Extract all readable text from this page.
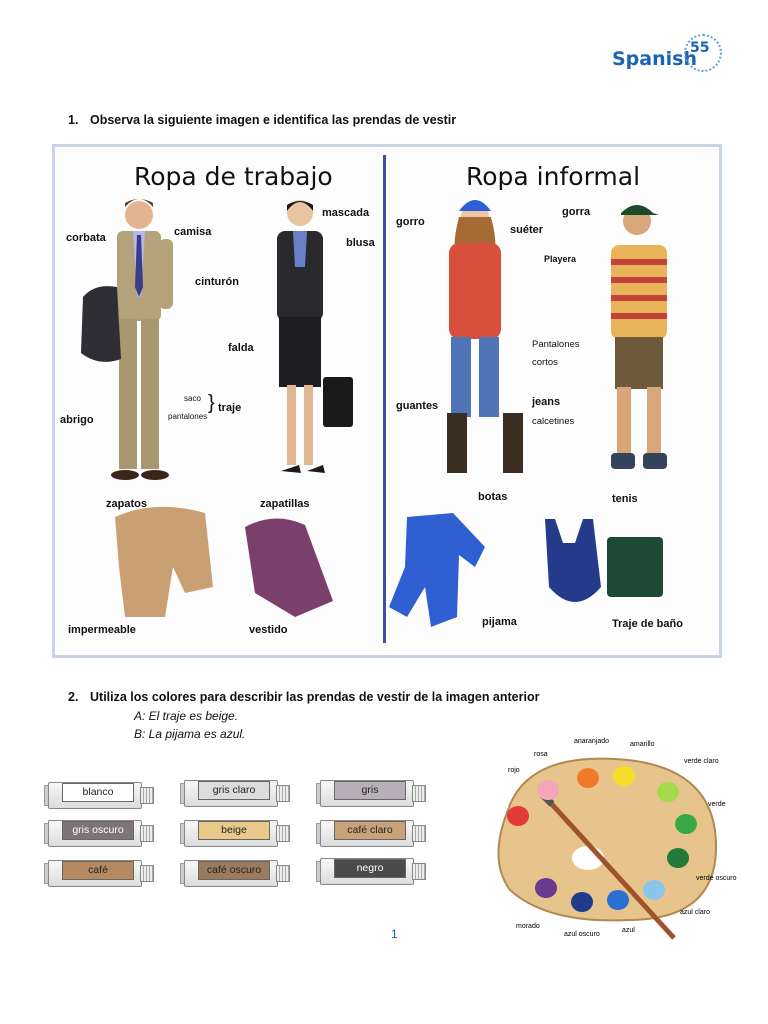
Spanish
55
1. Observa la siguiente imagen e identifica las prendas de vestir
Ropa de trabajo	Ropa informal
corbata	camisa
cinturón
abrigo
saco
pantalones
} traje
zapatos
mascada
blusa
falda
zapatillas
impermeable	vestido
gorro
suéter
gorra
Playera
Pantalones cortos
guantes	jeans
calcetines
botas	tenis
pijama	Traje de baño
2. Utiliza los colores para describir las prendas de vestir de la imagen anterior
A: El traje es beige.
B: La pijama es azul.
blanco	gris claro	gris
gris oscuro	beige	café claro
café	café oscuro	negro
rojo
rosa
anaranjado	amarillo
verde claro
verde
verde oscuro
azul claro
azul
azul oscuro
morado
1
